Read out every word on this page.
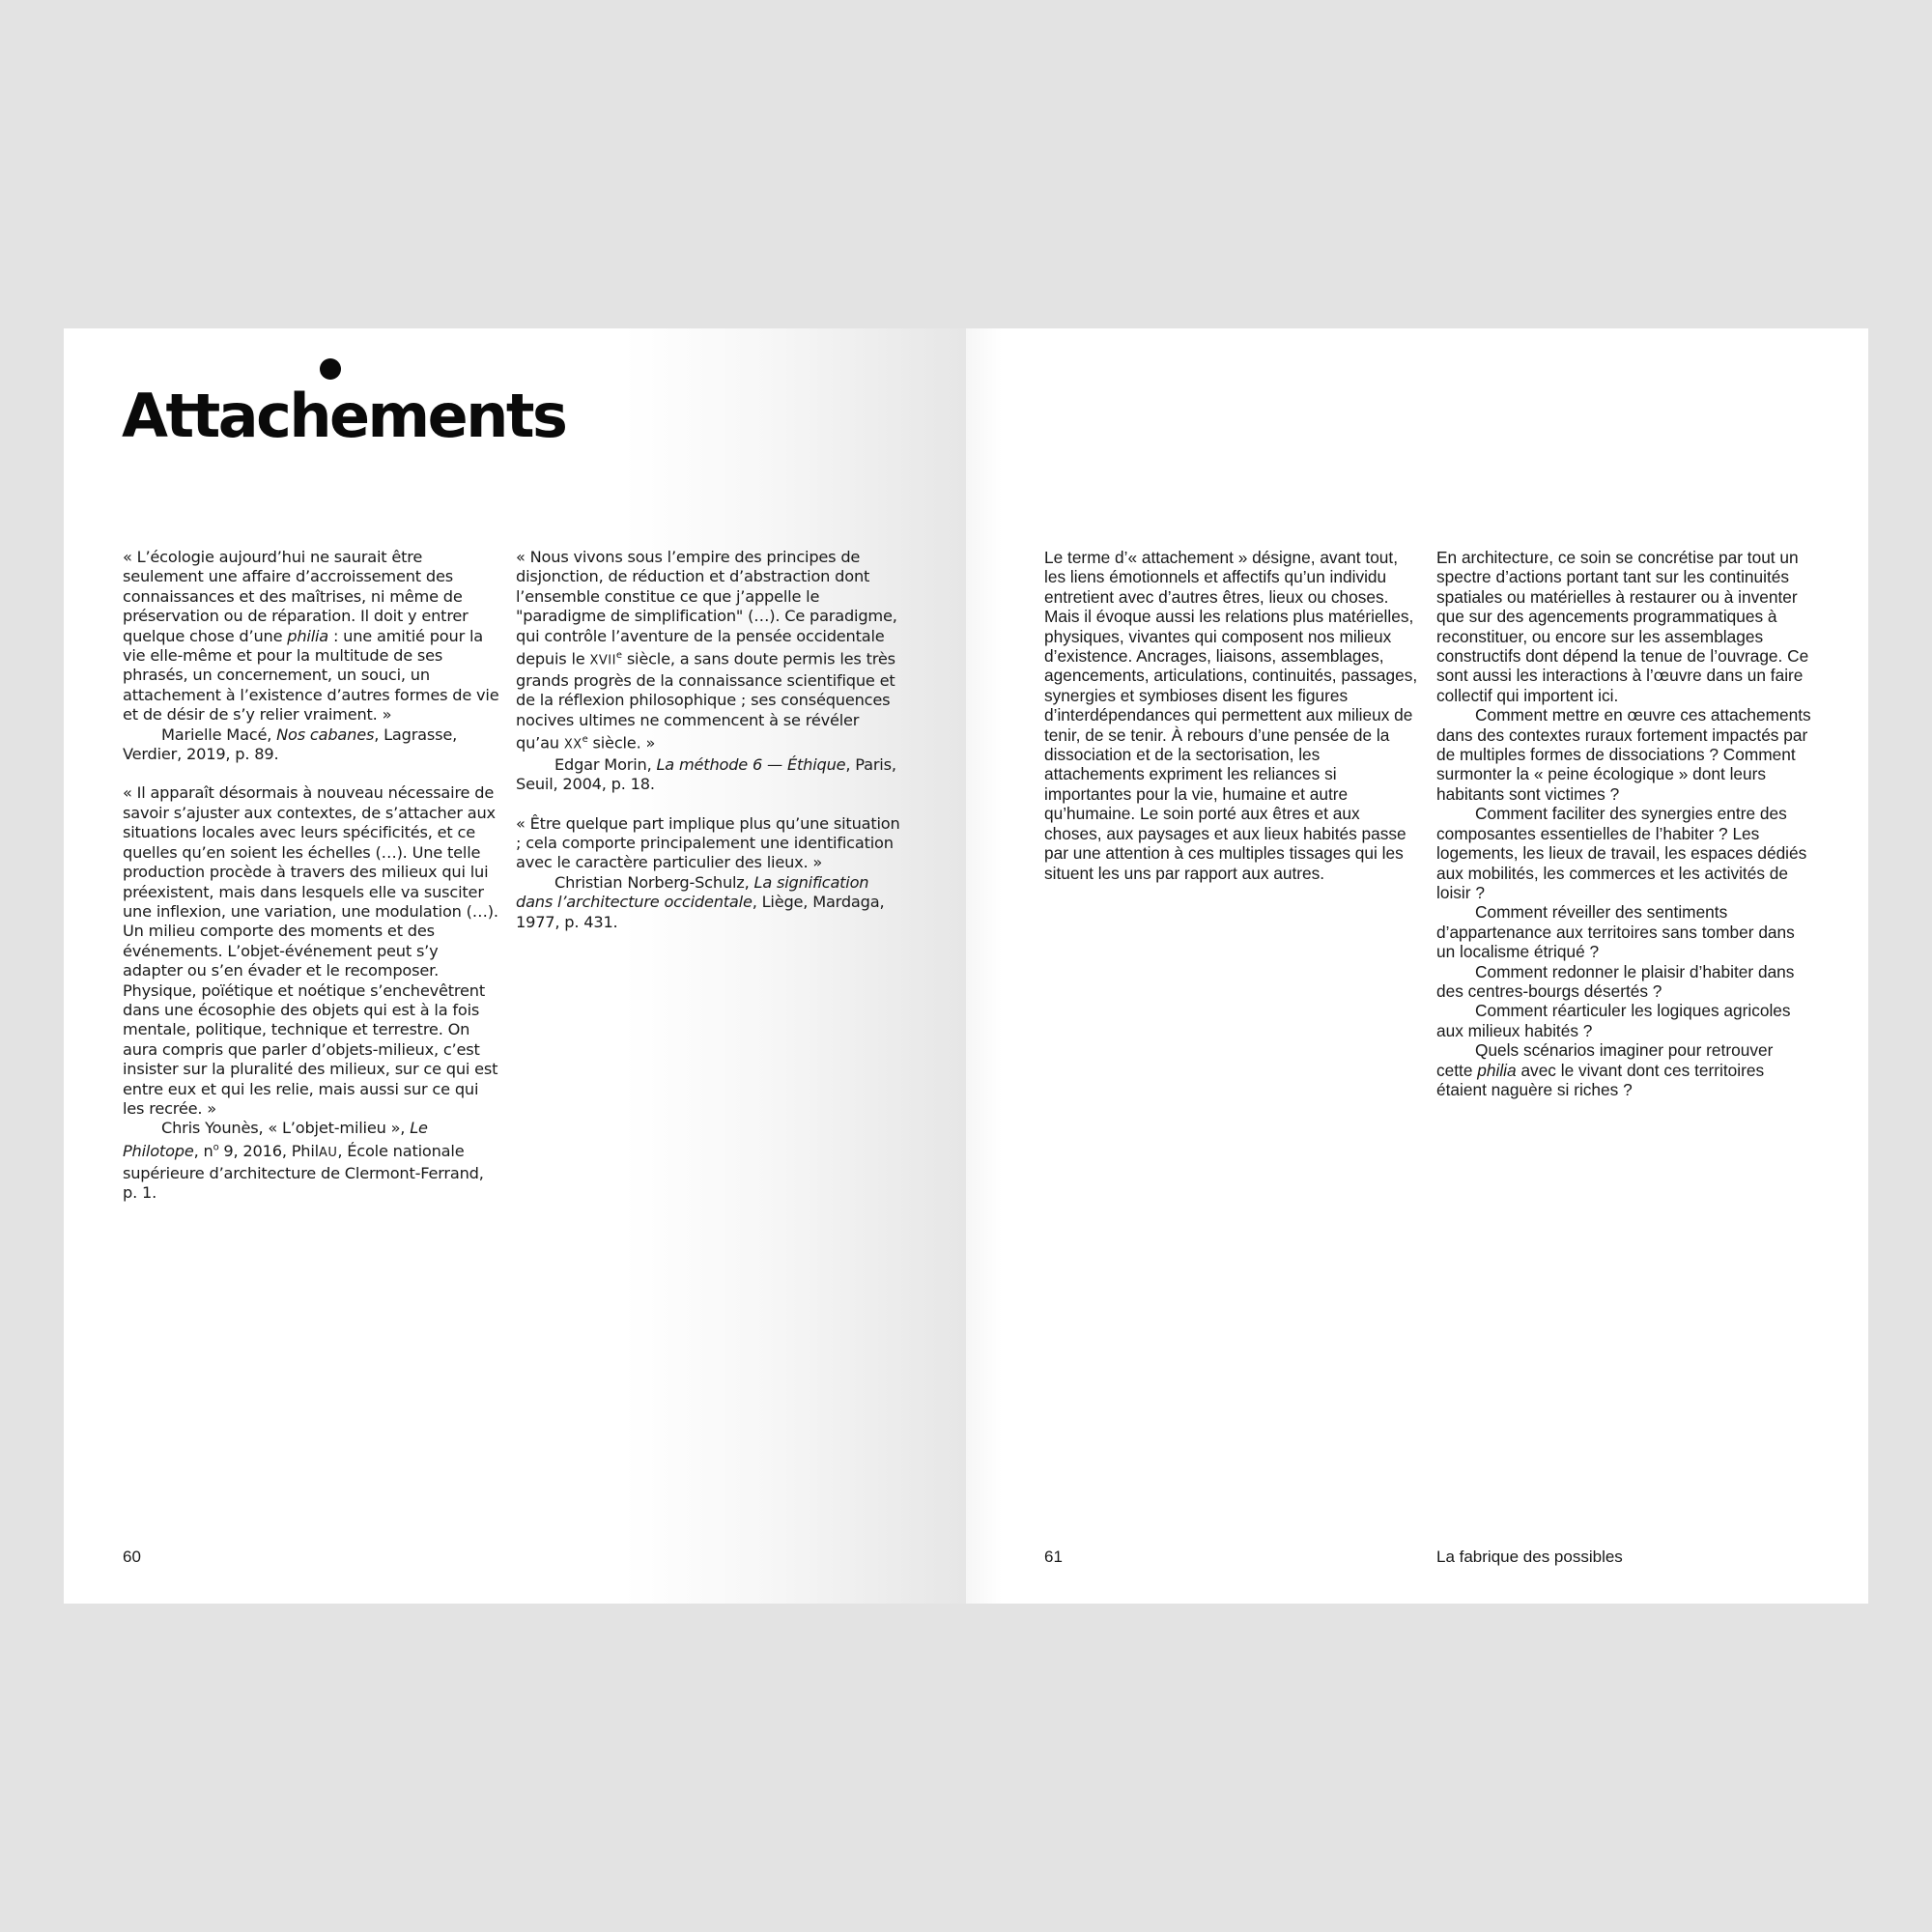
Attachements

« L’écologie aujourd’hui ne saurait être seulement une affaire d’accroissement des connaissances et des maîtrises, ni même de préservation ou de réparation. Il doit y entrer quelque chose d’une philia : une amitié pour la vie elle-même et pour la multitude de ses phrasés, un concernement, un souci, un attachement à l’existence d’autres formes de vie et de désir de s’y relier vraiment. »
Marielle Macé, Nos cabanes, Lagrasse, Verdier, 2019, p. 89.

« Il apparaît désormais à nouveau nécessaire de savoir s’ajuster aux contextes, de s’attacher aux situations locales avec leurs spécificités, et ce quelles qu’en soient les échelles (…). Une telle production procède à travers des milieux qui lui préexistent, mais dans lesquels elle va susciter une inflexion, une variation, une modulation (…). Un milieu comporte des moments et des événements. L’objet-événement peut s’y adapter ou s’en évader et le recomposer. Physique, poïétique et noétique s’enchevêtrent dans une écosophie des objets qui est à la fois mentale, politique, technique et terrestre. On aura compris que parler d’objets-milieux, c’est insister sur la pluralité des milieux, sur ce qui est entre eux et qui les relie, mais aussi sur ce qui les recrée. »
Chris Younès, « L’objet-milieu », Le Philotope, $n^o$ 9, 2016, PhilAU, École nationale supérieure d’architecture de Clermont-Ferrand, p. 1.

« Nous vivons sous l’empire des principes de disjonction, de réduction et d’abstraction dont l’ensemble constitue ce que j’appelle le "paradigme de simplification" (…). Ce paradigme, qui contrôle l’aventure de la pensée occidentale depuis le XVIIe siècle, a sans doute permis les très grands progrès de la connaissance scientifique et de la réflexion philosophique ; ses conséquences nocives ultimes ne commencent à se révéler qu’au XXe siècle. »
Edgar Morin, La méthode 6 — Éthique, Paris, Seuil, 2004, p. 18.

« Être quelque part implique plus qu’une situation ; cela comporte principalement une identification avec le caractère particulier des lieux. »
Christian Norberg-Schulz, La signification dans l’architecture occidentale, Liège, Mardaga, 1977, p. 431.

60

Le terme d’« attachement » désigne, avant tout, les liens émotionnels et affectifs qu’un individu entretient avec d’autres êtres, lieux ou choses. Mais il évoque aussi les relations plus matérielles, physiques, vivantes qui composent nos milieux d’existence. Ancrages, liaisons, assemblages, agencements, articulations, continuités, passages, synergies et symbioses disent les figures d’interdépendances qui permettent aux milieux de tenir, de se tenir. À rebours d’une pensée de la dissociation et de la sectorisation, les attachements expriment les reliances si importantes pour la vie, humaine et autre qu’humaine. Le soin porté aux êtres et aux choses, aux paysages et aux lieux habités passe par une attention à ces multiples tissages qui les situent les uns par rapport aux autres.

En architecture, ce soin se concrétise par tout un spectre d’actions portant tant sur les continuités spatiales ou matérielles à restaurer ou à inventer que sur des agencements programmatiques à reconstituer, ou encore sur les assemblages constructifs dont dépend la tenue de l’ouvrage. Ce sont aussi les interactions à l’œuvre dans un faire collectif qui importent ici.

Comment mettre en œuvre ces attachements dans des contextes ruraux fortement impactés par de multiples formes de dissociations ? Comment surmonter la « peine écologique » dont leurs habitants sont victimes ?

Comment faciliter des synergies entre des composantes essentielles de l’habiter ? Les logements, les lieux de travail, les espaces dédiés aux mobilités, les commerces et les activités de loisir ?

Comment réveiller des sentiments d’appartenance aux territoires sans tomber dans un localisme étriqué ?

Comment redonner le plaisir d’habiter dans des centres-bourgs désertés ?

Comment réarticuler les logiques agricoles aux milieux habités ?

Quels scénarios imaginer pour retrouver cette philia avec le vivant dont ces territoires étaient naguère si riches ?

61	La fabrique des possibles
